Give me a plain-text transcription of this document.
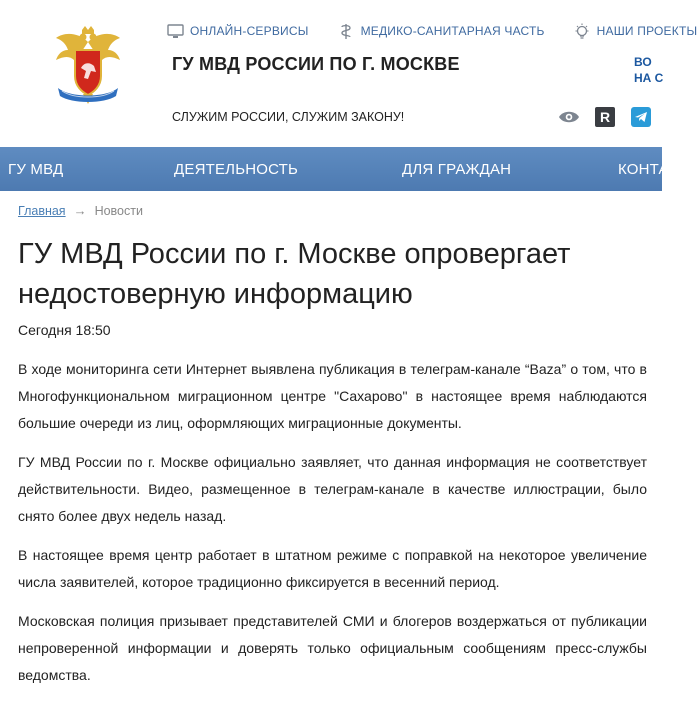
ОНЛАЙН-СЕРВИСЫ	МЕДИКО-САНИТАРНАЯ ЧАСТЬ	НАШИ ПРОЕКТЫ
ГУ МВД РОССИИ ПО Г. МОСКВЕ	ВО
НА С
СЛУЖИМ РОССИИ, СЛУЖИМ ЗАКОНУ!	R
ГУ МВД	ДЕЯТЕЛЬНОСТЬ	ДЛЯ ГРАЖДАН	КОНТА
Главная → Новости
ГУ МВД России по г. Москве опровергает недостоверную информацию
Сегодня 18:50

В ходе мониторинга сети Интернет выявлена публикация в телеграм-канале “Baza” о том, что в Многофункциональном миграционном центре "Сахарово" в настоящее время наблюдаются большие очереди из лиц, оформляющих миграционные документы.

ГУ МВД России по г. Москве официально заявляет, что данная информация не соответствует действительности. Видео, размещенное в телеграм-канале в качестве иллюстрации, было снято более двух недель назад.

В настоящее время центр работает в штатном режиме с поправкой на некоторое увеличение числа заявителей, которое традиционно фиксируется в весенний период.

Московская полиция призывает представителей СМИ и блогеров воздержаться от публикации непроверенной информации и доверять только официальным сообщениям пресс-службы ведомства.
